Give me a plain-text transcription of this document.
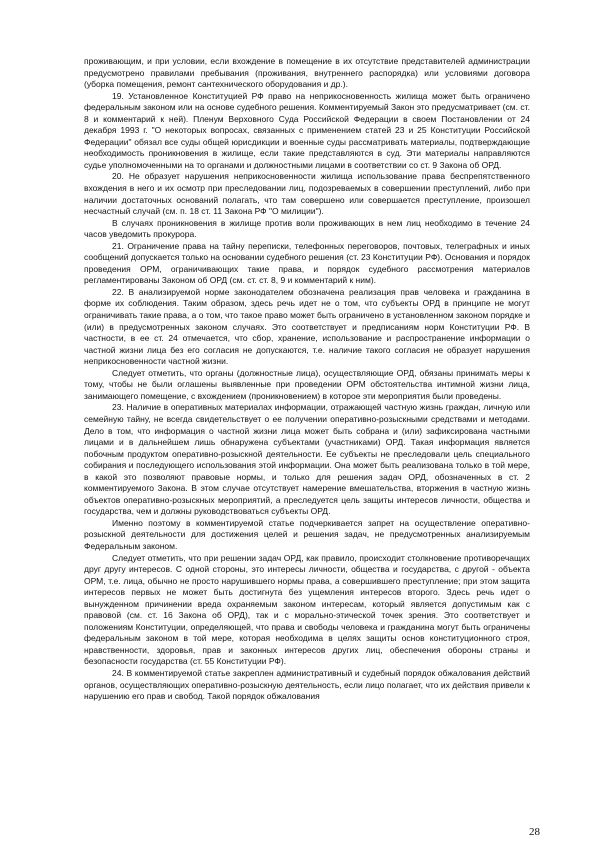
проживающим, и при условии, если вхождение в помещение в их отсутствие представителей администрации предусмотрено правилами пребывания (проживания, внутреннего распорядка) или условиями договора (уборка помещения, ремонт сантехнического оборудования и др.).

19. Установленное Конституцией РФ право на неприкосновенность жилища может быть ограничено федеральным законом или на основе судебного решения. Комментируемый Закон это предусматривает (см. ст. 8 и комментарий к ней). Пленум Верховного Суда Российской Федерации в своем Постановлении от 24 декабря 1993 г. "О некоторых вопросах, связанных с применением статей 23 и 25 Конституции Российской Федерации" обязал все суды общей юрисдикции и военные суды рассматривать материалы, подтверждающие необходимость проникновения в жилище, если такие представляются в суд. Эти материалы направляются судье уполномоченными на то органами и должностными лицами в соответствии со ст. 9 Закона об ОРД.

20. Не образует нарушения неприкосновенности жилища использование права беспрепятственного вхождения в него и их осмотр при преследовании лиц, подозреваемых в совершении преступлений, либо при наличии достаточных оснований полагать, что там совершено или совершается преступление, произошел несчастный случай (см. п. 18 ст. 11 Закона РФ "О милиции").

В случаях проникновения в жилище против воли проживающих в нем лиц необходимо в течение 24 часов уведомить прокурора.

21. Ограничение права на тайну переписки, телефонных переговоров, почтовых, телеграфных и иных сообщений допускается только на основании судебного решения (ст. 23 Конституции РФ). Основания и порядок проведения ОРМ, ограничивающих такие права, и порядок судебного рассмотрения материалов регламентированы Законом об ОРД (см. ст. ст. 8, 9 и комментарий к ним).

22. В анализируемой норме законодателем обозначена реализация прав человека и гражданина в форме их соблюдения. Таким образом, здесь речь идет не о том, что субъекты ОРД в принципе не могут ограничивать такие права, а о том, что такое право может быть ограничено в установленном законом порядке и (или) в предусмотренных законом случаях. Это соответствует и предписаниям норм Конституции РФ. В частности, в ее ст. 24 отмечается, что сбор, хранение, использование и распространение информации о частной жизни лица без его согласия не допускаются, т.е. наличие такого согласия не образует нарушения неприкосновенности частной жизни.

Следует отметить, что органы (должностные лица), осуществляющие ОРД, обязаны принимать меры к тому, чтобы не были оглашены выявленные при проведении ОРМ обстоятельства интимной жизни лица, занимающего помещение, с вхождением (проникновением) в которое эти мероприятия были проведены.

23. Наличие в оперативных материалах информации, отражающей частную жизнь граждан, личную или семейную тайну, не всегда свидетельствует о ее получении оперативно-розыскными средствами и методами. Дело в том, что информация о частной жизни лица может быть собрана и (или) зафиксирована частными лицами и в дальнейшем лишь обнаружена субъектами (участниками) ОРД. Такая информация является побочным продуктом оперативно-розыскной деятельности. Ее субъекты не преследовали цель специального собирания и последующего использования этой информации. Она может быть реализована только в той мере, в какой это позволяют правовые нормы, и только для решения задач ОРД, обозначенных в ст. 2 комментируемого Закона. В этом случае отсутствует намерение вмешательства, вторжения в частную жизнь объектов оперативно-розыскных мероприятий, а преследуется цель защиты интересов личности, общества и государства, чем и должны руководствоваться субъекты ОРД.

Именно поэтому в комментируемой статье подчеркивается запрет на осуществление оперативно-розыскной деятельности для достижения целей и решения задач, не предусмотренных анализируемым Федеральным законом.

Следует отметить, что при решении задач ОРД, как правило, происходит столкновение противоречащих друг другу интересов. С одной стороны, это интересы личности, общества и государства, с другой - объекта ОРМ, т.е. лица, обычно не просто нарушившего нормы права, а совершившего преступление; при этом защита интересов первых не может быть достигнута без ущемления интересов второго. Здесь речь идет о вынужденном причинении вреда охраняемым законом интересам, который является допустимым как с правовой (см. ст. 16 Закона об ОРД), так и с морально-этической точек зрения. Это соответствует и положениям Конституции, определяющей, что права и свободы человека и гражданина могут быть ограничены федеральным законом в той мере, которая необходима в целях защиты основ конституционного строя, нравственности, здоровья, прав и законных интересов других лиц, обеспечения обороны страны и безопасности государства (ст. 55 Конституции РФ).

24. В комментируемой статье закреплен административный и судебный порядок обжалования действий органов, осуществляющих оперативно-розыскную деятельность, если лицо полагает, что их действия привели к нарушению его прав и свобод. Такой порядок обжалования

28
